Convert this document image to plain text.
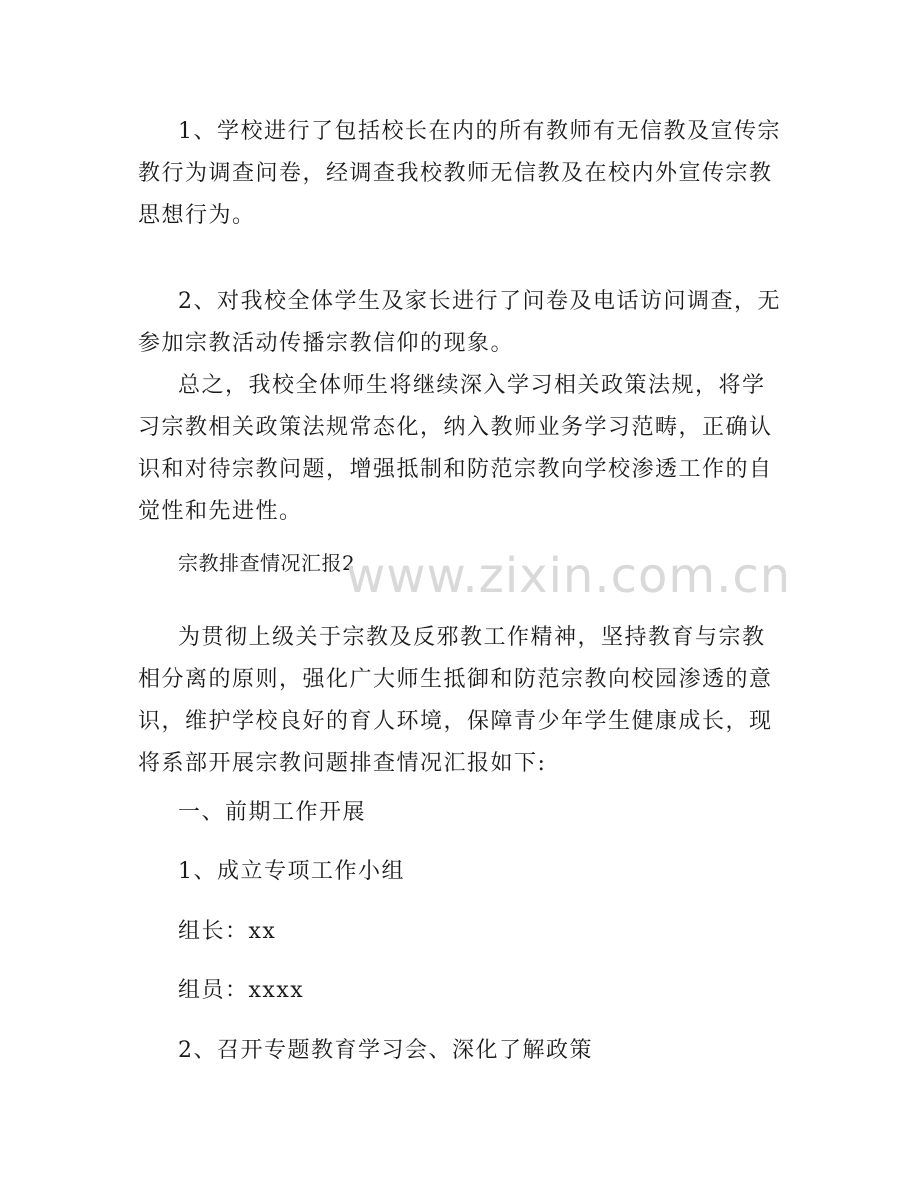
1、学校进行了包括校长在内的所有教师有无信教及宣传宗教行为调查问卷，经调查我校教师无信教及在校内外宣传宗教思想行为。

2、对我校全体学生及家长进行了问卷及电话访问调查，无参加宗教活动传播宗教信仰的现象。

总之，我校全体师生将继续深入学习相关政策法规，将学习宗教相关政策法规常态化，纳入教师业务学习范畴，正确认识和对待宗教问题，增强抵制和防范宗教向学校渗透工作的自觉性和先进性。

宗教排查情况汇报2

为贯彻上级关于宗教及反邪教工作精神，坚持教育与宗教相分离的原则，强化广大师生抵御和防范宗教向校园渗透的意识，维护学校良好的育人环境，保障青少年学生健康成长，现将系部开展宗教问题排查情况汇报如下:

一、前期工作开展

1、成立专项工作小组

组长：xx

组员：xxxx

2、召开专题教育学习会、深化了解政策

www.zixin.com.cn
